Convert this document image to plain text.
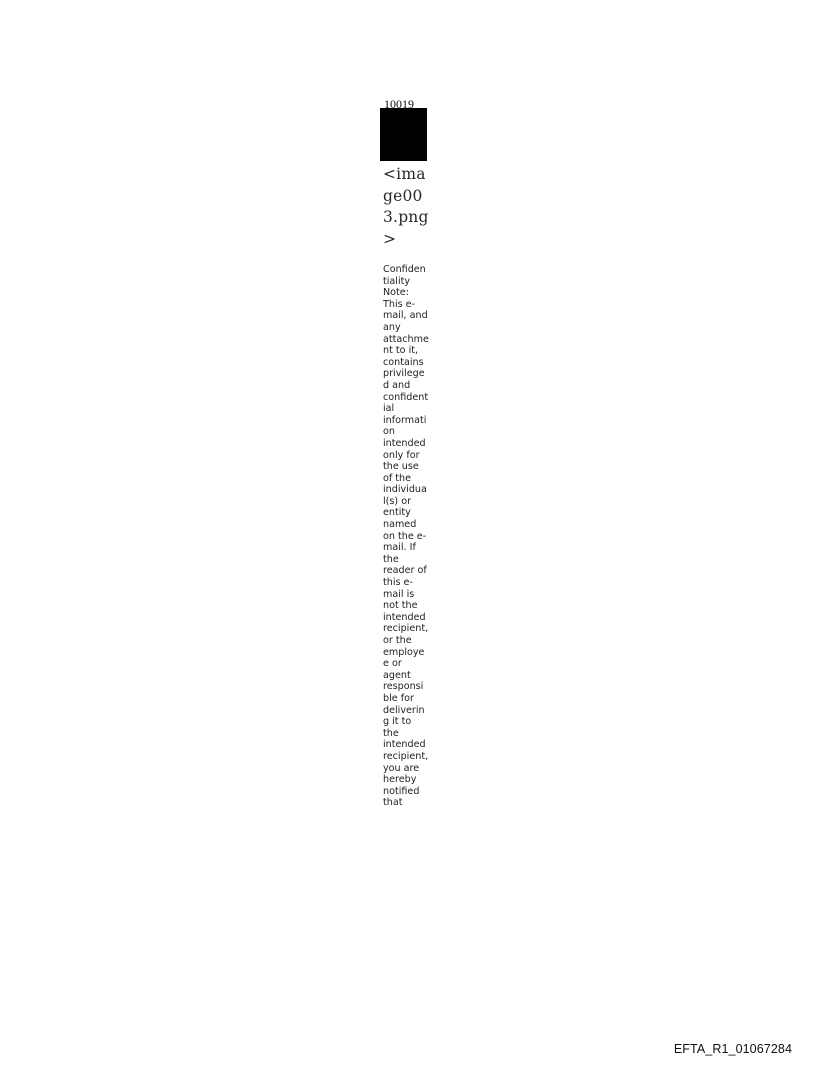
10019
<ima
ge00
3.png
>
Confiden
tiality
Note:
This e-
mail, and
any
attachme
nt to it,
contains
privilege
d and
confident
ial
informati
on
intended
only for
the use
of the
individua
l(s) or
entity
named
on the e-
mail. If
the
reader of
this e-
mail is
not the
intended
recipient,
or the
employe
e or
agent
responsi
ble for
deliverin
g it to
the
intended
recipient,
you are
hereby
notified
that
EFTA_R1_01067284
